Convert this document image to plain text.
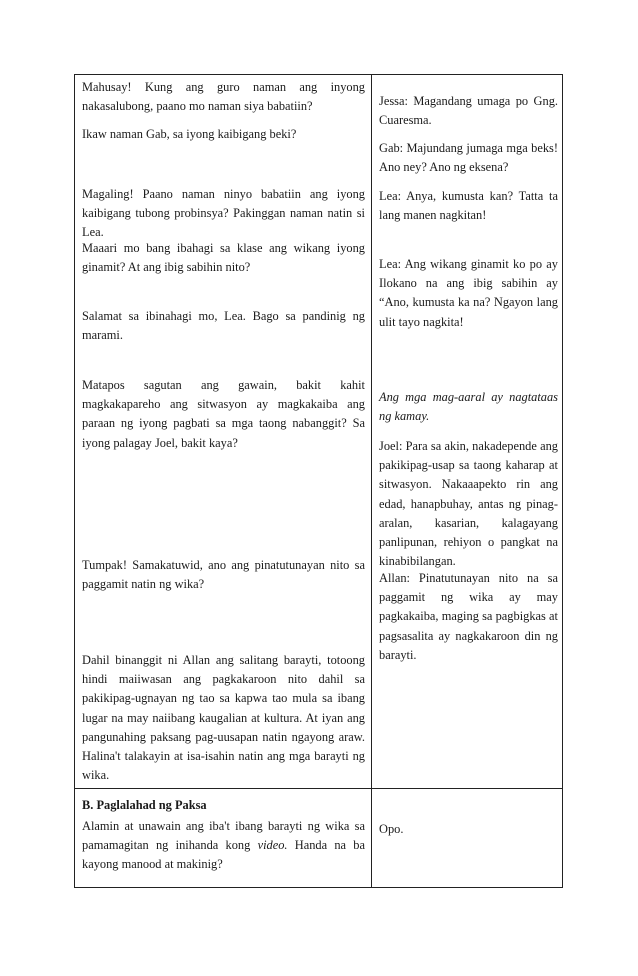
Mahusay! Kung ang guro naman ang inyong nakasalubong, paano mo naman siya babatiin?

Ikaw naman Gab, sa iyong kaibigang beki?

Magaling! Paano naman ninyo babatiin ang iyong kaibigang tubong probinsya? Pakinggan naman natin si Lea.

Maaari mo bang ibahagi sa klase ang wikang iyong ginamit? At ang ibig sabihin nito?

Salamat sa ibinahagi mo, Lea. Bago sa pandinig ng marami.

Matapos sagutan ang gawain, bakit kahit magkakapareho ang sitwasyon ay magkakaiba ang paraan ng iyong pagbati sa mga taong nabanggit? Sa iyong palagay Joel, bakit kaya?

Tumpak! Samakatuwid, ano ang pinatutunayan nito sa paggamit natin ng wika?

Dahil binanggit ni Allan ang salitang barayti, totoong hindi maiiwasan ang pagkakaroon nito dahil sa pakikipag-ugnayan ng tao sa kapwa tao mula sa ibang lugar na may naiibang kaugalian at kultura. At iyan ang pangunahing paksang pag-uusapan natin ngayong araw. Halina't talakayin at isa-isahin natin ang mga barayti ng wika.

B. Paglalahad ng Paksa

Alamin at unawain ang iba't ibang barayti ng wika sa pamamagitan ng inihanda kong video. Handa na ba kayong manood at makinig?

Jessa: Magandang umaga po Gng. Cuaresma.

Gab: Majundang jumaga mga beks! Ano ney? Ano ng eksena?

Lea: Anya, kumusta kan? Tatta ta lang manen nagkitan!

Lea: Ang wikang ginamit ko po ay Ilokano na ang ibig sabihin ay “Ano, kumusta ka na? Ngayon lang ulit tayo nagkita!

Ang mga mag-aaral ay nagtataas ng kamay.

Joel: Para sa akin, nakadepende ang pakikipag-usap sa taong kaharap at sitwasyon. Nakaaapekto rin ang edad, hanapbuhay, antas ng pinag-aralan, kasarian, kalagayang panlipunan, rehiyon o pangkat na kinabibilangan.

Allan: Pinatutunayan nito na sa paggamit ng wika ay may pagkakaiba, maging sa pagbigkas at pagsasalita ay nagkakaroon din ng barayti.

Opo.
